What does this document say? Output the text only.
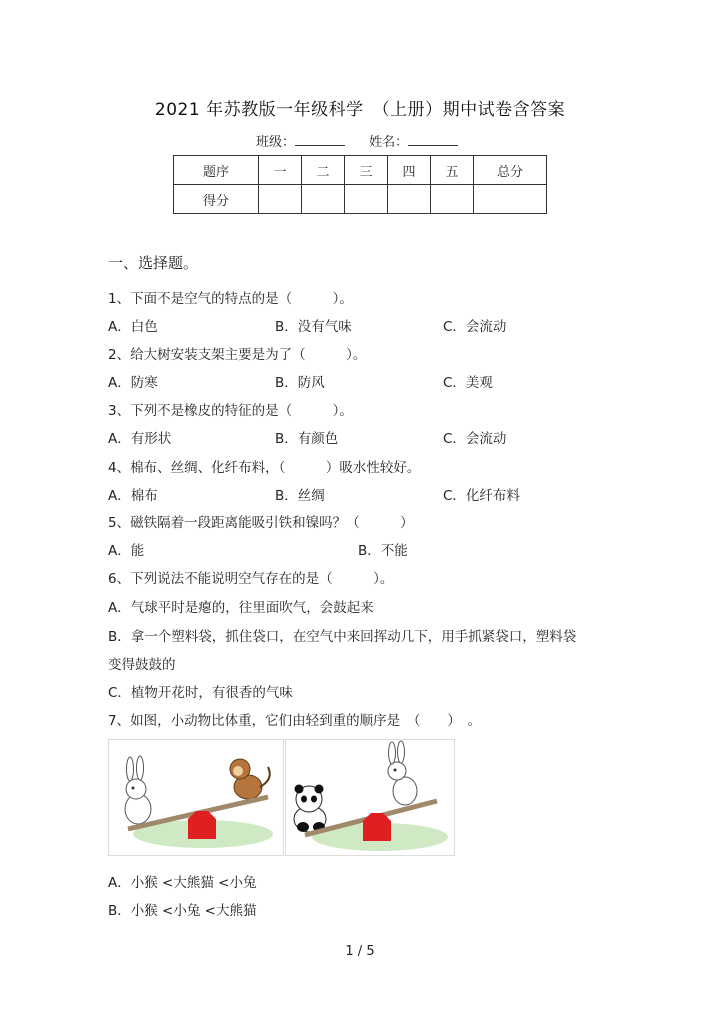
2021 年苏教版一年级科学　（上册）期中试卷含答案
班级：	姓名：
题序	一	二	三	四	五	总分
得分						
一、选择题。
1、下面不是空气的特点的是（　　　）。
A．白色	B．没有气味	C．会流动
2、给大树安装支架主要是为了（　　　）。
A．防寒	B．防风	C．美观
3、下列不是橡皮的特征的是（　　　）。
A．有形状	B．有颜色	C．会流动
4、棉布、丝绸、化纤布料，（　　　）吸水性较好。
A．棉布	B．丝绸	C．化纤布料
5、磁铁隔着一段距离能吸引铁和镍吗？（　　　）
A．能	B．不能
6、下列说法不能说明空气存在的是（　　　）。
A．气球平时是瘪的，往里面吹气，会鼓起来
B．拿一个塑料袋，抓住袋口，在空气中来回挥动几下，用手抓紧袋口，塑料袋
变得鼓鼓的
C．植物开花时，有很香的气味
7、如图，小动物比体重，它们由轻到重的顺序是　（　　）　。
A．小猴 <大熊猫 <小兔
B．小猴 <小兔 <大熊猫
1 / 5
